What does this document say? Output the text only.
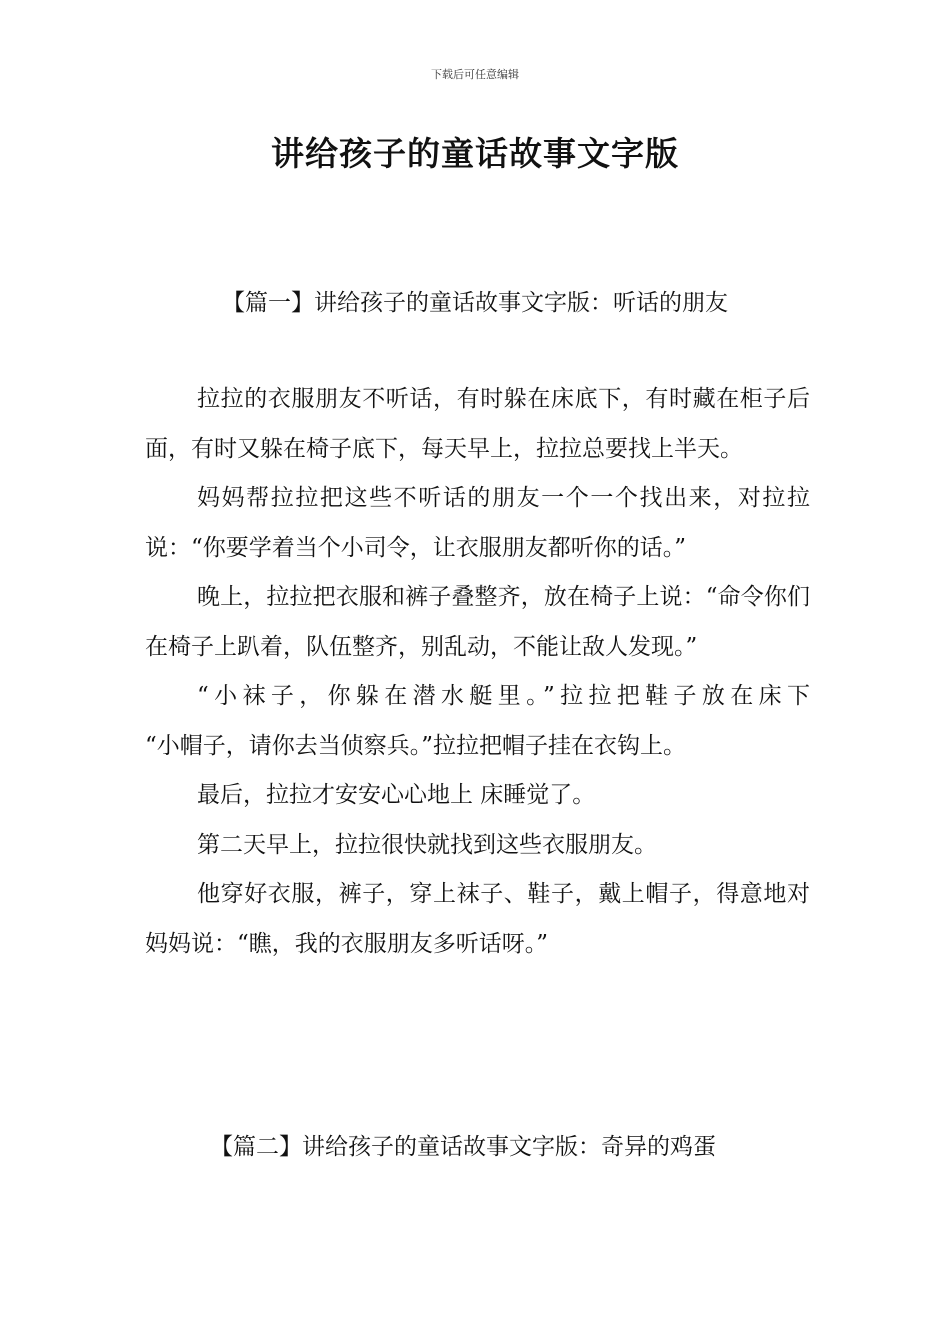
下载后可任意编辑
讲给孩子的童话故事文字版
【篇一】讲给孩子的童话故事文字版：听话的朋友

拉拉的衣服朋友不听话，有时躲在床底下，有时藏在柜子后面，有时又躲在椅子底下，每天早上，拉拉总要找上半天。

妈妈帮拉拉把这些不听话的朋友一个一个找出来，对拉拉说：“你要学着当个小司令，让衣服朋友都听你的话。”

晚上，拉拉把衣服和裤子叠整齐，放在椅子上说：“命令你们在椅子上趴着，队伍整齐，别乱动，不能让敌人发现。”

“小袜子，你躲在潜水艇里。”拉拉把鞋子放在床下

“小帽子，请你去当侦察兵。”拉拉把帽子挂在衣钩上。

最后，拉拉才安安心心地上 床睡觉了。

第二天早上，拉拉很快就找到这些衣服朋友。

他穿好衣服，裤子，穿上袜子、鞋子，戴上帽子，得意地对妈妈说：“瞧，我的衣服朋友多听话呀。”

【篇二】讲给孩子的童话故事文字版：奇异的鸡蛋
